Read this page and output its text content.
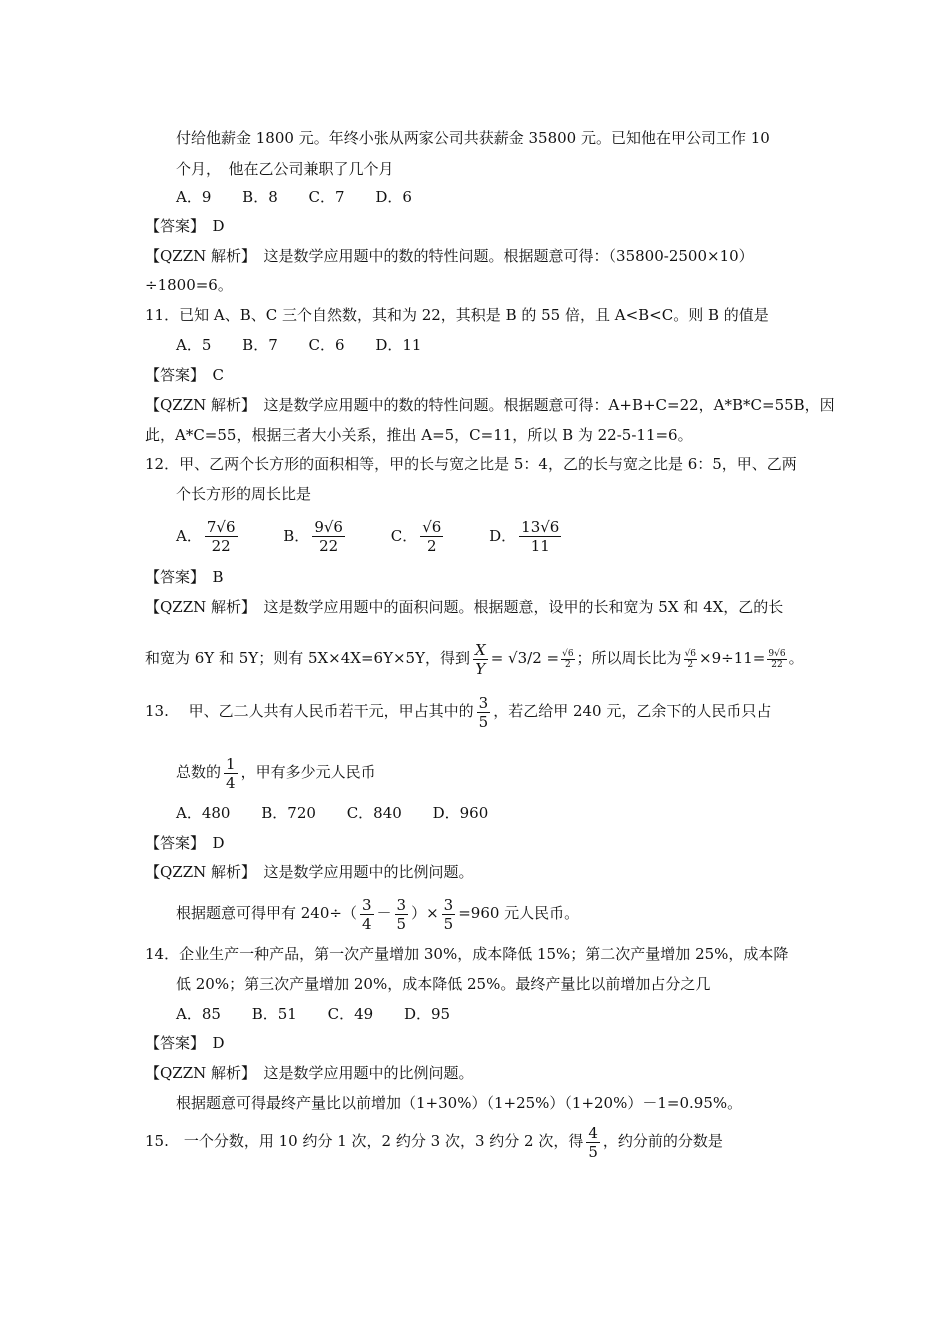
付给他薪金 1800 元。年终小张从两家公司共获薪金 35800 元。已知他在甲公司工作 10
个月，　他在乙公司兼职了几个月
A．9 B．8 C．7 D．6
【答案】　D
【QZZN 解析】　这是数学应用题中的数的特性问题。根据题意可得：（35800-2500×10）
÷1800=6。
11．已知 A、B、C 三个自然数，其和为 22，其积是 B 的 55 倍，且 A<B<C。则 B 的值是
A．5 B．7 C．6 D．11
【答案】　C
【QZZN 解析】　这是数学应用题中的数的特性问题。根据题意可得：A+B+C=22，A*B*C=55B，因
此，A*C=55，根据三者大小关系，推出 A=5，C=11，所以 B 为 22-5-11=6。
12．甲、乙两个长方形的面积相等，甲的长与宽之比是 5：4，乙的长与宽之比是 6：5，甲、乙两
个长方形的周长比是
A． $\frac{7√6}{22}$	B． $\frac{9√6}{22}$	C． $\frac{√6}{2}$	D． $\frac{13√6}{11}$
【答案】　B
【QZZN 解析】　这是数学应用题中的面积问题。根据题意，设甲的长和宽为 5X 和 4X，乙的长
和宽为 6Y 和 5Y；则有 5X×4X=6Y×5Y，得到 $\frac{X}{Y} = √3/2 = \frac{√6}{2}$ ；所以周长比为 $\frac{√6}{2} \times 9\div 11= \frac{9√6}{22}$ 。
13.　 甲、乙二人共有人民币若干元，甲占其中的 $\frac{3}{5}$ ，若乙给甲 240 元，乙余下的人民币只占
总数的 $\frac{1}{4}$ ，甲有多少元人民币
A．480 B．720 C．840 D．960
【答案】　D
【QZZN 解析】　这是数学应用题中的比例问题。
根据题意可得甲有 $240\div( \frac{3}{4} - \frac{3}{5}$ ）× $\frac{3}{5} =960$ 元人民币。
14．企业生产一种产品，第一次产量增加 30%，成本降低 15%；第二次产量增加 25%，成本降
低 20%；第三次产量增加 20%，成本降低 25%。最终产量比以前增加占分之几
A．85 B．51 C．49 D．95
【答案】　D
【QZZN 解析】　这是数学应用题中的比例问题。
根据题意可得最终产量比以前增加（1+30%）（1+25%）（1+20%）－1=0.95%。
15.　一个分数，用 10 约分 1 次，2 约分 3 次，3 约分 2 次，得 $\frac{4}{5}$ ，约分前的分数是
